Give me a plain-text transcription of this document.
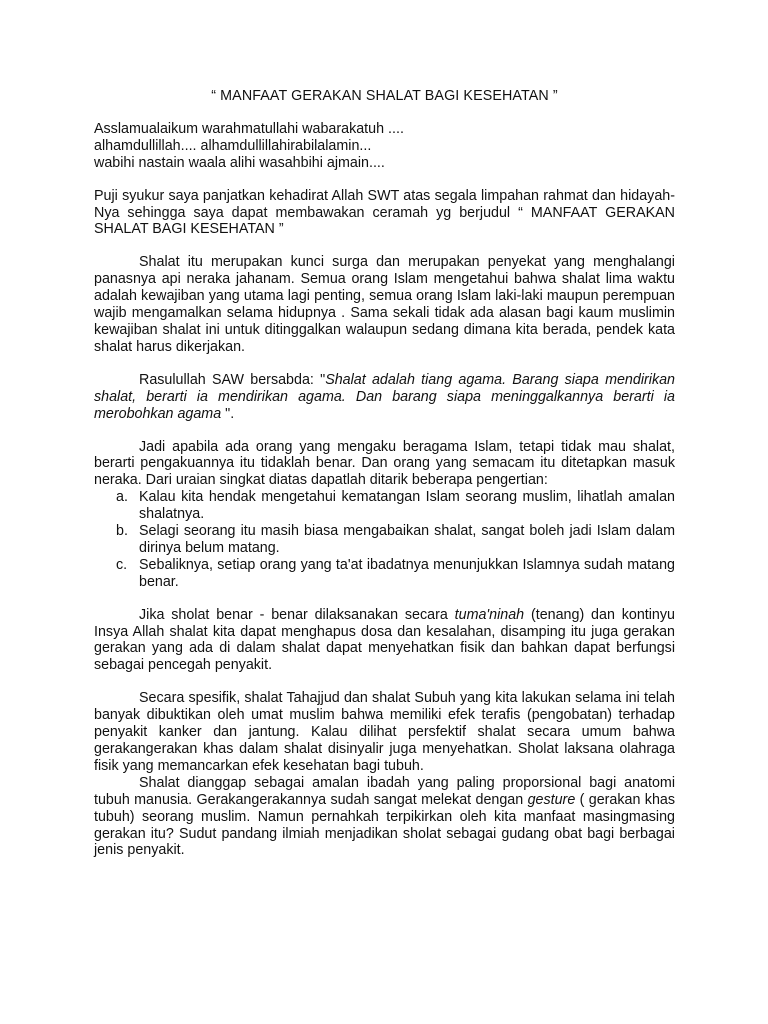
“ MANFAAT GERAKAN SHALAT BAGI KESEHATAN ”
Asslamualaikum warahmatullahi wabarakatuh ....
alhamdullillah.... alhamdullillahirabilalamin...
wabihi nastain waala alihi wasahbihi ajmain....

Puji syukur saya panjatkan kehadirat Allah SWT atas segala limpahan rahmat dan hidayah-Nya sehingga saya dapat membawakan ceramah yg berjudul “ MANFAAT GERAKAN SHALAT BAGI KESEHATAN ”

Shalat itu merupakan kunci surga dan merupakan penyekat yang menghalangi panasnya api neraka jahanam. Semua orang Islam mengetahui bahwa shalat lima waktu adalah kewajiban yang utama lagi penting, semua orang Islam laki-laki maupun perempuan wajib mengamalkan selama hidupnya . Sama sekali tidak ada alasan bagi kaum muslimin kewajiban shalat ini untuk ditinggalkan walaupun sedang dimana kita berada, pendek kata shalat harus dikerjakan.

Rasulullah SAW bersabda: "Shalat adalah tiang agama. Barang siapa mendirikan shalat, berarti ia mendirikan agama. Dan barang siapa meninggalkannya berarti ia merobohkan agama ".

Jadi apabila ada orang yang mengaku beragama Islam, tetapi tidak mau shalat, berarti pengakuannya itu tidaklah benar. Dan orang yang semacam itu ditetapkan masuk neraka. Dari uraian singkat diatas dapatlah ditarik beberapa pengertian:

a. Kalau kita hendak mengetahui kematangan Islam seorang muslim, lihatlah amalan shalatnya.
b. Selagi seorang itu masih biasa mengabaikan shalat, sangat boleh jadi Islam dalam dirinya belum matang.
c. Sebaliknya, setiap orang yang ta'at ibadatnya menunjukkan Islamnya sudah matang benar.

Jika sholat benar - benar dilaksanakan secara tuma'ninah (tenang) dan kontinyu Insya Allah shalat kita dapat menghapus dosa dan kesalahan, disamping itu juga gerakan gerakan yang ada di dalam shalat dapat menyehatkan fisik dan bahkan dapat berfungsi sebagai pencegah penyakit.

Secara spesifik, shalat Tahajjud dan shalat Subuh yang kita lakukan selama ini telah banyak dibuktikan oleh umat muslim bahwa memiliki efek terafis (pengobatan) terhadap penyakit kanker dan jantung. Kalau dilihat persfektif shalat secara umum bahwa gerakangerakan khas dalam shalat disinyalir juga menyehatkan. Sholat laksana olahraga fisik yang memancarkan efek kesehatan bagi tubuh.

Shalat dianggap sebagai amalan ibadah yang paling proporsional bagi anatomi tubuh manusia. Gerakangerakannya sudah sangat melekat dengan gesture ( gerakan khas tubuh) seorang muslim. Namun pernahkah terpikirkan oleh kita manfaat masingmasing gerakan itu? Sudut pandang ilmiah menjadikan sholat sebagai gudang obat bagi berbagai jenis penyakit.
